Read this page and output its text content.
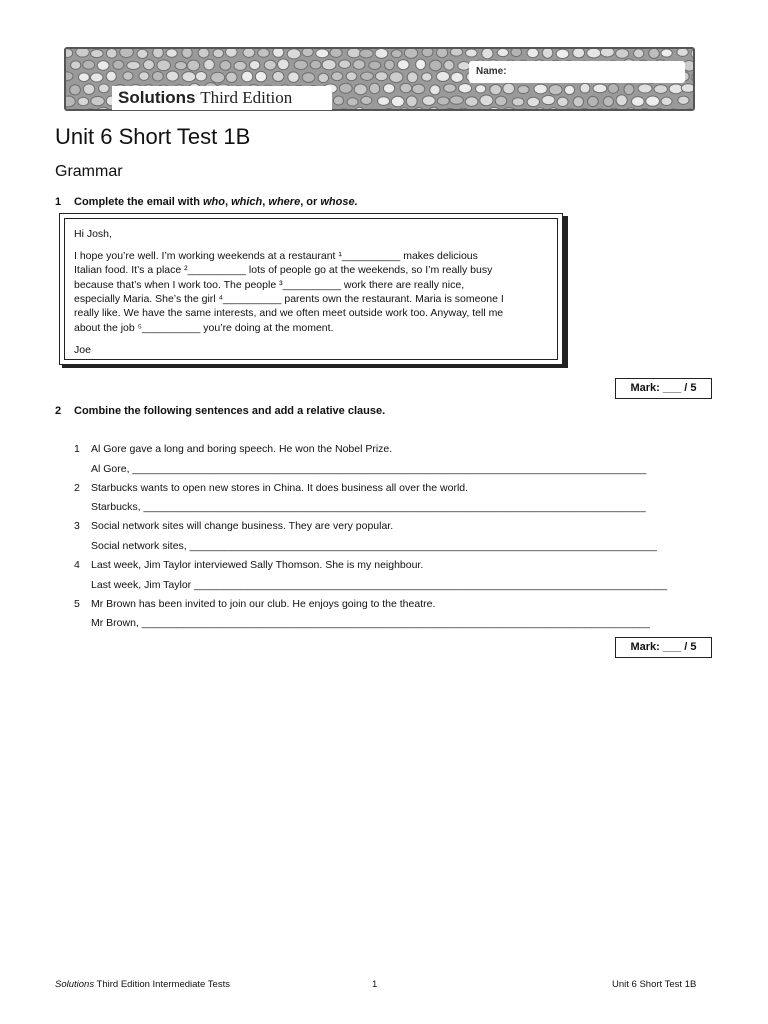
Solutions Third Edition
Name:
Unit 6 Short Test 1B
Grammar
1 Complete the email with who, which, where, or whose.
Hi Josh,
I hope you’re well. I’m working weekends at a restaurant ¹__________ makes delicious
Italian food. It’s a place ²__________ lots of people go at the weekends, so I’m really busy
because that’s when I work too. The people ³__________ work there are really nice,
especially Maria. She’s the girl ⁴__________ parents own the restaurant. Maria is someone I
really like. We have the same interests, and we often meet outside work too. Anyway, tell me
about the job ⁵__________ you’re doing at the moment.
Joe
Mark: ___ / 5
2 Combine the following sentences and add a relative clause.
1 Al Gore gave a long and boring speech. He won the Nobel Prize.
Al Gore, ________________________________________________________________________________________
2 Starbucks wants to open new stores in China. It does business all over the world.
Starbucks, ______________________________________________________________________________________
3 Social network sites will change business. They are very popular.
Social network sites, ________________________________________________________________________________
4 Last week, Jim Taylor interviewed Sally Thomson. She is my neighbour.
Last week, Jim Taylor _________________________________________________________________________________
5 Mr Brown has been invited to join our club. He enjoys going to the theatre.
Mr Brown, _______________________________________________________________________________________
Mark: ___ / 5
Solutions Third Edition Intermediate Tests	1	Unit 6 Short Test 1B
